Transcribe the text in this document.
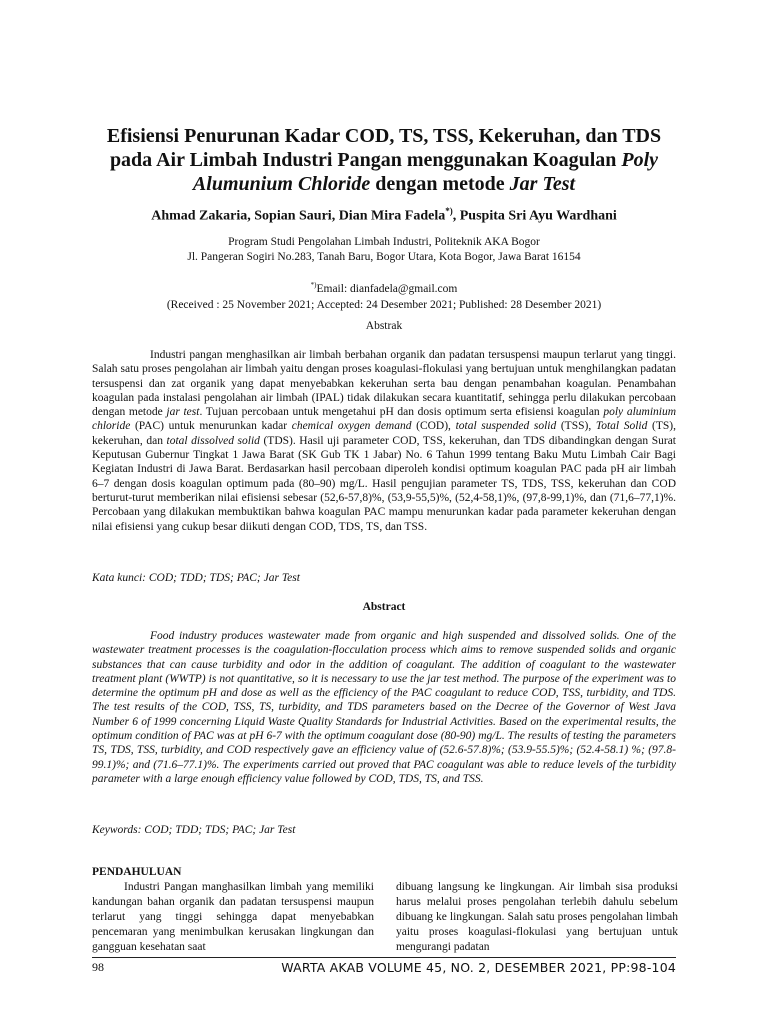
Efisiensi Penurunan Kadar COD, TS, TSS, Kekeruhan, dan TDS
pada Air Limbah Industri Pangan menggunakan Koagulan Poly
Alumunium Chloride dengan metode Jar Test
Ahmad Zakaria, Sopian Sauri, Dian Mira Fadela*), Puspita Sri Ayu Wardhani
Program Studi Pengolahan Limbah Industri, Politeknik AKA Bogor
Jl. Pangeran Sogiri No.283, Tanah Baru, Bogor Utara, Kota Bogor, Jawa Barat 16154
*)Email: dianfadela@gmail.com
(Received : 25 November 2021; Accepted: 24 Desember 2021; Published: 28 Desember 2021)
Abstrak
Industri pangan menghasilkan air limbah berbahan organik dan padatan tersuspensi maupun terlarut yang tinggi. Salah satu proses pengolahan air limbah yaitu dengan proses koagulasi-flokulasi yang bertujuan untuk menghilangkan padatan tersuspensi dan zat organik yang dapat menyebabkan kekeruhan serta bau dengan penambahan koagulan. Penambahan koagulan pada instalasi pengolahan air limbah (IPAL) tidak dilakukan secara kuantitatif, sehingga perlu dilakukan percobaan dengan metode jar test. Tujuan percobaan untuk mengetahui pH dan dosis optimum serta efisiensi koagulan poly aluminium chloride (PAC) untuk menurunkan kadar chemical oxygen demand (COD), total suspended solid (TSS), Total Solid (TS), kekeruhan, dan total dissolved solid (TDS). Hasil uji parameter COD, TSS, kekeruhan, dan TDS dibandingkan dengan Surat Keputusan Gubernur Tingkat 1 Jawa Barat (SK Gub TK 1 Jabar) No. 6 Tahun 1999 tentang Baku Mutu Limbah Cair Bagi Kegiatan Industri di Jawa Barat. Berdasarkan hasil percobaan diperoleh kondisi optimum koagulan PAC pada pH air limbah 6–7 dengan dosis koagulan optimum pada (80–90) mg/L. Hasil pengujian parameter TS, TDS, TSS, kekeruhan dan COD berturut-turut memberikan nilai efisiensi sebesar (52,6-57,8)%, (53,9-55,5)%, (52,4-58,1)%, (97,8-99,1)%, dan (71,6–77,1)%. Percobaan yang dilakukan membuktikan bahwa koagulan PAC mampu menurunkan kadar pada parameter kekeruhan dengan nilai efisiensi yang cukup besar diikuti dengan COD, TDS, TS, dan TSS.
Kata kunci: COD; TDD; TDS; PAC; Jar Test
Abstract
Food industry produces wastewater made from organic and high suspended and dissolved solids. One of the wastewater treatment processes is the coagulation-flocculation process which aims to remove suspended solids and organic substances that can cause turbidity and odor in the addition of coagulant. The addition of coagulant to the wastewater treatment plant (WWTP) is not quantitative, so it is necessary to use the jar test method. The purpose of the experiment was to determine the optimum pH and dose as well as the efficiency of the PAC coagulant to reduce COD, TSS, turbidity, and TDS. The test results of the COD, TSS, TS, turbidity, and TDS parameters based on the Decree of the Governor of West Java Number 6 of 1999 concerning Liquid Waste Quality Standards for Industrial Activities. Based on the experimental results, the optimum condition of PAC was at pH 6-7 with the optimum coagulant dose (80-90) mg/L. The results of testing the parameters TS, TDS, TSS, turbidity, and COD respectively gave an efficiency value of (52.6-57.8)%; (53.9-55.5)%; (52.4-58.1) %; (97.8-99.1)%; and (71.6–77.1)%. The experiments carried out proved that PAC coagulant was able to reduce levels of the turbidity parameter with a large enough efficiency value followed by COD, TDS, TS, and TSS.
Keywords: COD; TDD; TDS; PAC; Jar Test
PENDAHULUAN
Industri Pangan manghasilkan limbah yang memiliki kandungan bahan organik dan padatan tersuspensi maupun terlarut yang tinggi sehingga dapat menyebabkan pencemaran yang menimbulkan kerusakan lingkungan dan gangguan kesehatan saat
dibuang langsung ke lingkungan. Air limbah sisa produksi harus melalui proses pengolahan terlebih dahulu sebelum dibuang ke lingkungan. Salah satu proses pengolahan limbah yaitu proses koagulasi-flokulasi yang bertujuan untuk mengurangi padatan
98	WARTA AKAB VOLUME 45, NO. 2, DESEMBER 2021, PP:98-104
